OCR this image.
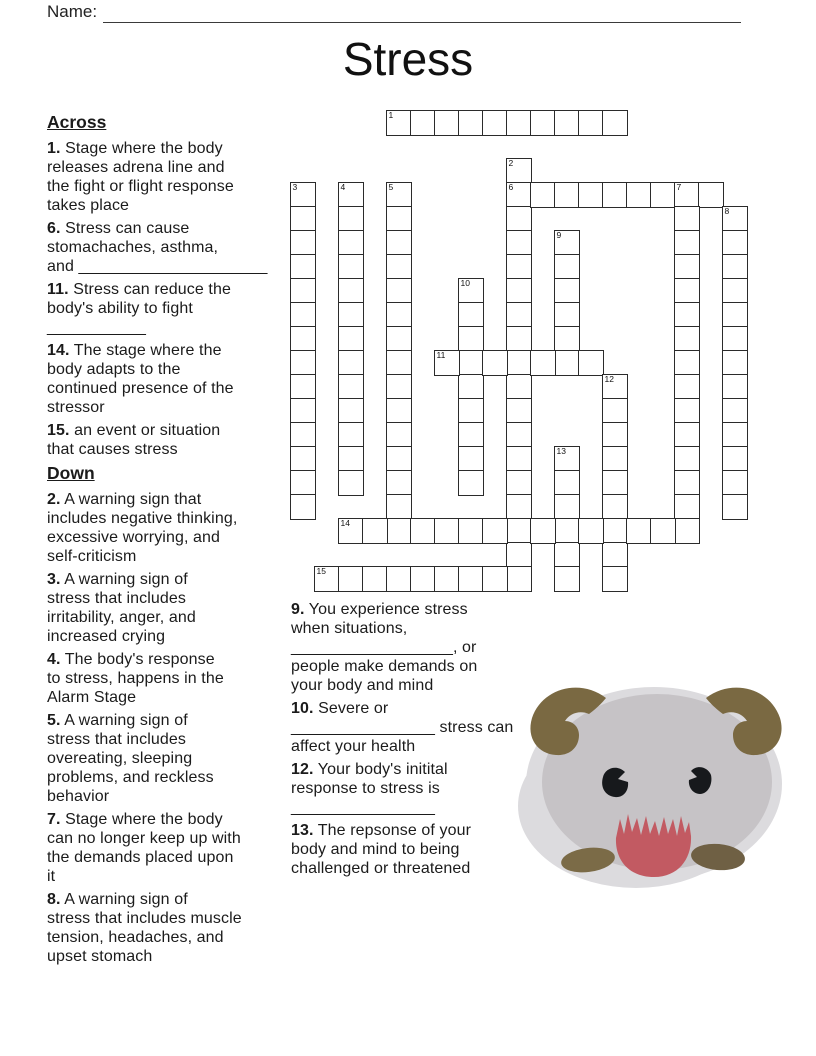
Name:
Stress
Across

1. Stage where the body
releases adrena line and
the fight or flight response
takes place

6. Stress can cause
stomachaches, asthma,
and _____________________

11. Stress can reduce the
body's ability to fight
___________

14. The stage where the
body adapts to the
continued presence of the
stressor

15. an event or situation
that causes stress

Down

2. A warning sign that
includes negative thinking,
excessive worrying, and
self-criticism

3. A warning sign of
stress that includes
irritability, anger, and
increased crying

4. The body's response
to stress, happens in the
Alarm Stage

5. A warning sign of
stress that includes
overeating, sleeping
problems, and reckless
behavior

7. Stage where the body
can no longer keep up with
the demands placed upon
it

8. A warning sign of
stress that includes muscle
tension, headaches, and
upset stomach

9. You experience stress
when situations,
__________________, or
people make demands on
your body and mind

10. Severe or
________________ stress can
affect your health

12. Your body's initital
response to stress is
________________

13. The repsonse of your
body and mind to being
challenged or threatened

1
2
6
3	4	5	7
8
9
10
11
12
13
14
15
